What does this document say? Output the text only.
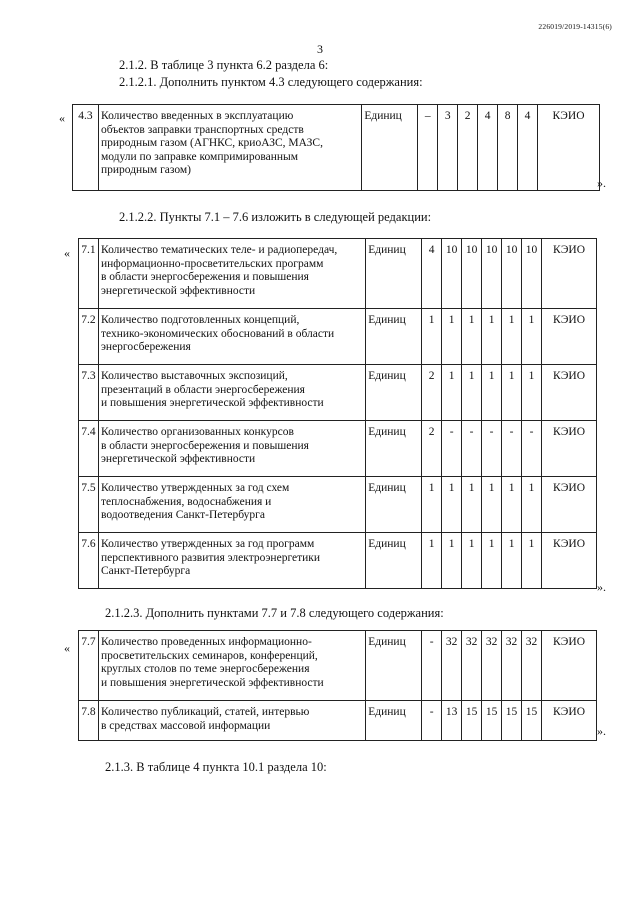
226019/2019-14315(6)
3
2.1.2. В таблице 3 пункта 6.2 раздела 6:
2.1.2.1. Дополнить пунктом 4.3 следующего содержания:
« 4.3	Количество введенных в эксплуатацию
объектов заправки транспортных средств
природным газом (АГНКС, криоАЗС, МАЗС,
модули по заправке компримированным
природным газом)
	Единиц	–	3	2	4	8	4	КЭИО
».
2.1.2.2. Пункты 7.1 – 7.6 изложить в следующей редакции:
« 7.1	Количество тематических теле- и радиопередач,
информационно-просветительских программ
в области энергосбережения и повышения
энергетической эффективности	Единиц	4	10	10	10	10	10	КЭИО
7.2	Количество подготовленных концепций,
технико-экономических обоснований в области
энергосбережения	Единиц	1	1	1	1	1	1	КЭИО
7.3	Количество выставочных экспозиций,
презентаций в области энергосбережения
и повышения энергетической эффективности	Единиц	2	1	1	1	1	1	КЭИО
7.4	Количество организованных конкурсов
в области энергосбережения и повышения
энергетической эффективности	Единиц	2	-	-	-	-	-	КЭИО
7.5	Количество утвержденных за год схем
теплоснабжения, водоснабжения и
водоотведения Санкт-Петербурга	Единиц	1	1	1	1	1	1	КЭИО
7.6	Количество утвержденных за год программ
перспективного развития электроэнергетики
Санкт-Петербурга	Единиц	1	1	1	1	1	1	КЭИО
».
2.1.2.3. Дополнить пунктами 7.7 и 7.8 следующего содержания:
« 7.7	Количество проведенных информационно-
просветительских семинаров, конференций,
круглых столов по теме энергосбережения
и повышения энергетической эффективности	Единиц	-	32	32	32	32	32	КЭИО
7.8	Количество публикаций, статей, интервью
в средствах массовой информации	Единиц	-	13	15	15	15	15	КЭИО
».
2.1.3. В таблице 4 пункта 10.1 раздела 10:
